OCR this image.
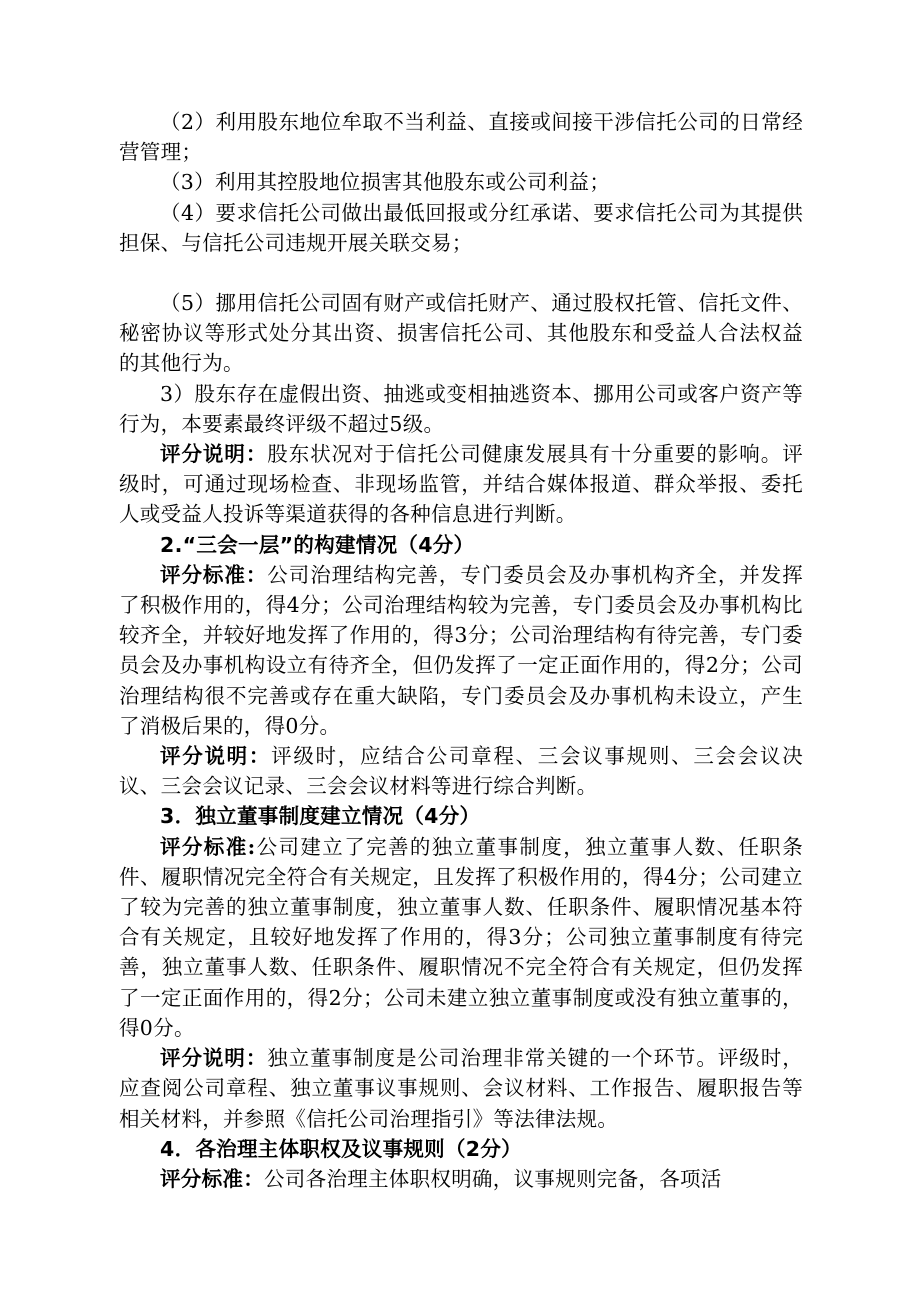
（2）利用股东地位牟取不当利益、直接或间接干涉信托公司的日常经营管理；

（3）利用其控股地位损害其他股东或公司利益；

（4）要求信托公司做出最低回报或分红承诺、要求信托公司为其提供担保、与信托公司违规开展关联交易；

（5）挪用信托公司固有财产或信托财产、通过股权托管、信托文件、秘密协议等形式处分其出资、损害信托公司、其他股东和受益人合法权益的其他行为。

3）股东存在虚假出资、抽逃或变相抽逃资本、挪用公司或客户资产等行为，本要素最终评级不超过5级。

评分说明：股东状况对于信托公司健康发展具有十分重要的影响。评级时，可通过现场检查、非现场监管，并结合媒体报道、群众举报、委托人或受益人投诉等渠道获得的各种信息进行判断。

2.“三会一层”的构建情况（4分）

评分标准：公司治理结构完善，专门委员会及办事机构齐全，并发挥了积极作用的，得4分；公司治理结构较为完善，专门委员会及办事机构比较齐全，并较好地发挥了作用的，得3分；公司治理结构有待完善，专门委员会及办事机构设立有待齐全，但仍发挥了一定正面作用的，得2分；公司治理结构很不完善或存在重大缺陷，专门委员会及办事机构未设立，产生了消极后果的，得0分。

评分说明：评级时，应结合公司章程、三会议事规则、三会会议决议、三会会议记录、三会会议材料等进行综合判断。

3．独立董事制度建立情况（4分）

评分标准:公司建立了完善的独立董事制度，独立董事人数、任职条件、履职情况完全符合有关规定，且发挥了积极作用的，得4分；公司建立了较为完善的独立董事制度，独立董事人数、任职条件、履职情况基本符合有关规定，且较好地发挥了作用的，得3分；公司独立董事制度有待完善，独立董事人数、任职条件、履职情况不完全符合有关规定，但仍发挥了一定正面作用的，得2分；公司未建立独立董事制度或没有独立董事的，得0分。

评分说明：独立董事制度是公司治理非常关键的一个环节。评级时，应查阅公司章程、独立董事议事规则、会议材料、工作报告、履职报告等相关材料，并参照《信托公司治理指引》等法律法规。

4．各治理主体职权及议事规则（2分）

评分标准：公司各治理主体职权明确，议事规则完备，各项活
